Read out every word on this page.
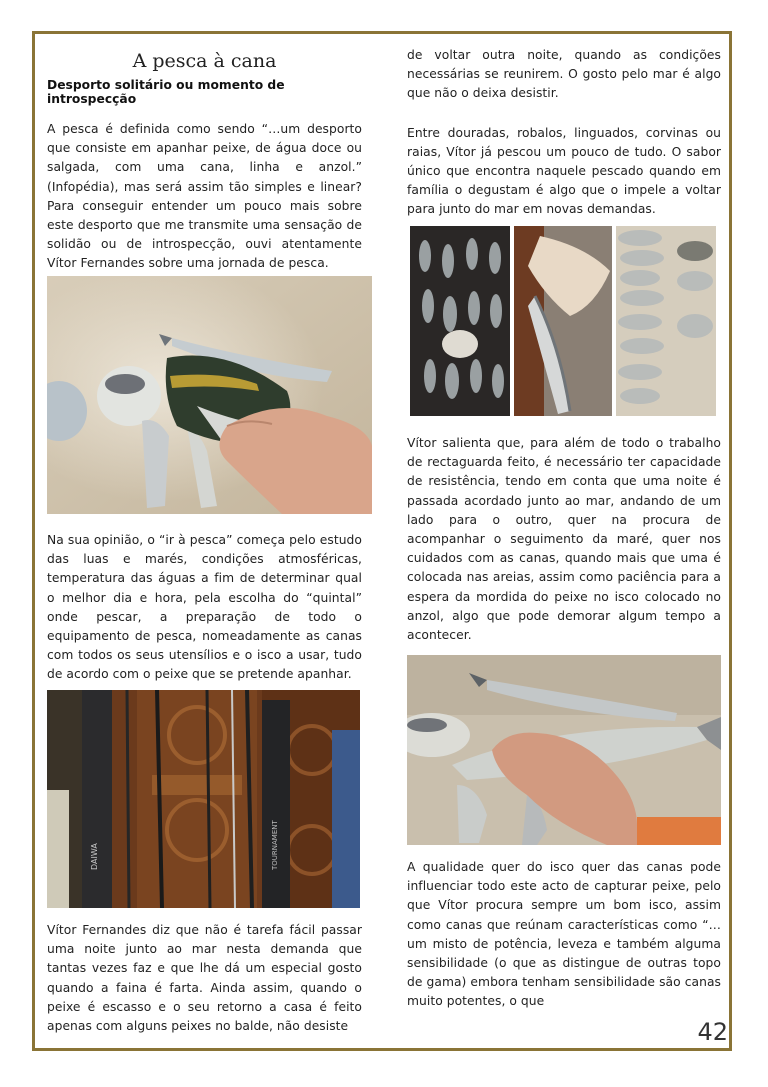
A pesca à cana
Desporto solitário ou momento de introspecção

A pesca é definida como sendo “…um desporto que consiste em apanhar peixe, de água doce ou salgada, com uma cana, linha e anzol.” (Infopédia), mas será assim tão simples e linear? Para conseguir entender um pouco mais sobre este desporto que me transmite uma sensação de solidão ou de introspecção, ouvi atentamente Vítor Fernandes sobre uma jornada de pesca.

Na sua opinião, o “ir à pesca” começa pelo estudo das luas e marés, condições atmosféricas, temperatura das águas a fim de determinar qual o melhor dia e hora, pela escolha do “quintal” onde pescar, a preparação de todo o equipamento de pesca, nomeadamente as canas com todos os seus utensílios e o isco a usar, tudo de acordo com o peixe que se pretende apanhar.

DAIWA	TOURNAMENT

Vítor Fernandes diz que não é tarefa fácil passar uma noite junto ao mar nesta demanda que tantas vezes faz e que lhe dá um especial gosto quando a faina é farta. Ainda assim, quando o peixe é escasso e o seu retorno a casa é feito apenas com alguns peixes no balde, não desiste

de voltar outra noite, quando as condições necessárias se reunirem. O gosto pelo mar é algo que não o deixa desistir.

Entre douradas, robalos, linguados, corvinas ou raias, Vítor já pescou um pouco de tudo. O sabor único que encontra naquele pescado quando em família o degustam é algo que o impele a voltar para junto do mar em novas demandas.

Vítor salienta que, para além de todo o trabalho de rectaguarda feito, é necessário ter capacidade de resistência, tendo em conta que uma noite é passada acordado junto ao mar, andando de um lado para o outro, quer na procura de acompanhar o seguimento da maré, quer nos cuidados com as canas, quando mais que uma é colocada nas areias, assim como paciência para a espera da mordida do peixe no isco colocado no anzol, algo que pode demorar algum tempo a acontecer.

A qualidade quer do isco quer das canas pode influenciar todo este acto de capturar peixe, pelo que Vítor procura sempre um bom isco, assim como canas que reúnam características como “…um misto de potência, leveza e também alguma sensibilidade (o que as distingue de outras topo de gama) embora tenham sensibilidade são canas muito potentes, o que

42
